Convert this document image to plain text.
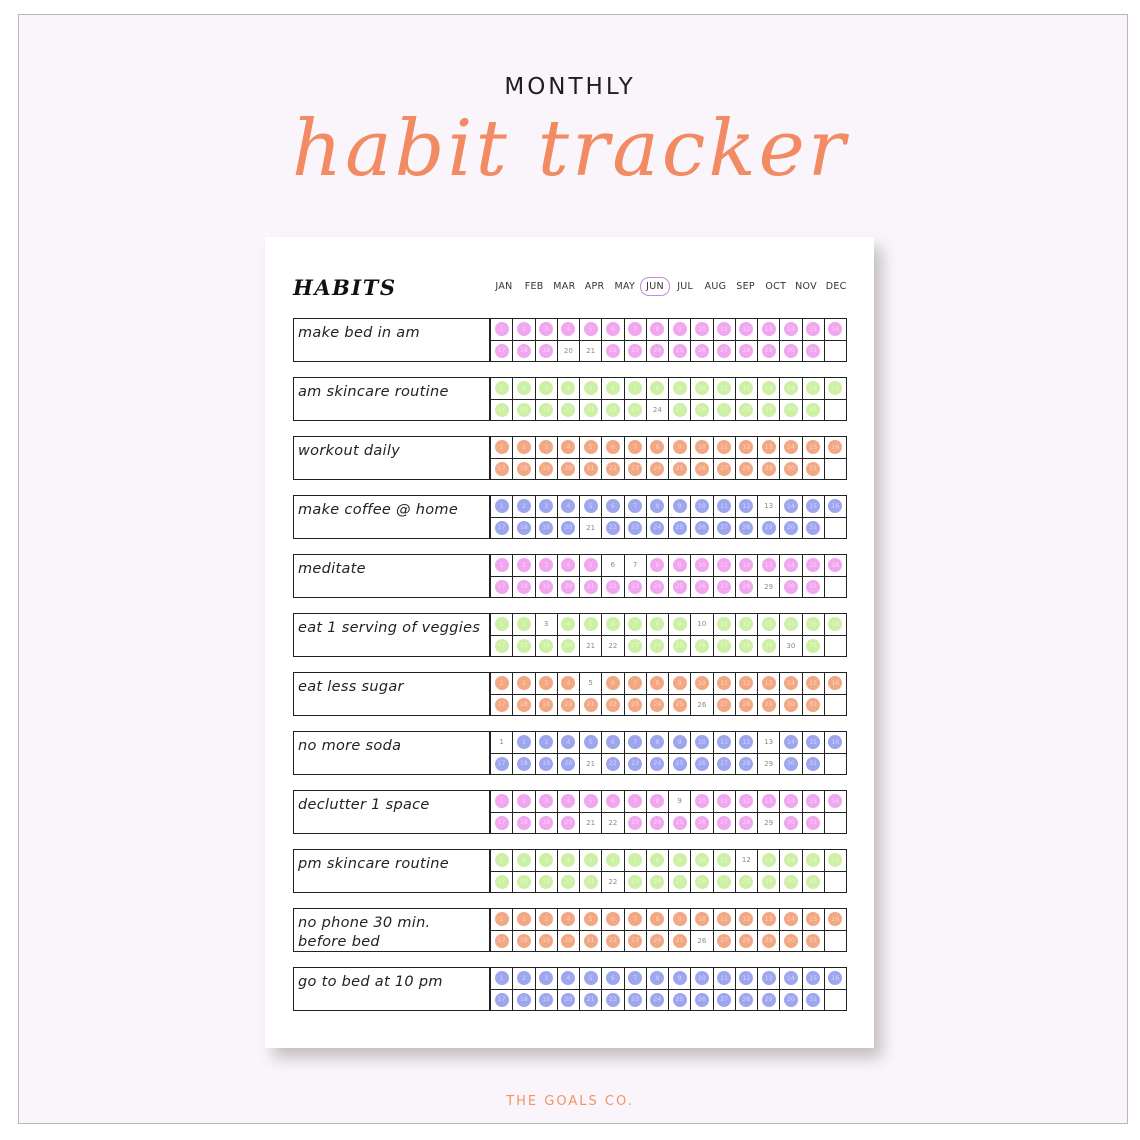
MONTHLY
habit tracker
HABITS	JAN	FEB	MAR APR	MAY	JUN	JUL	AUG	SEP	OCT NOV DEC
make bed in am	1	2	3	4	5	6	7	8	9	10	11	12	13	14	15	16
17	18	19	20 21	22	23	24	25	26	27	28	29	30	31
am skincare routine	1	2	3	4	5	6	7	8	9	10	11	12	13	14	15	16
17	18	19	20	21	22	23	24	25	26	27	28	29	30	31
workout daily	1	2	3	4	5	6	7	8	9	10	11	12	13	14	15	16
17	18	19	20	21	22	23	24	25	26	27	28	29	30	31
make coffee @ home	1	2	3	4	5	6	7	8	9	10	11	12	13	14	15	16
17	18	19	20	21	22	23	24	25	26	27	28	29	30	31
meditate	1	2	3	4	5	6	7	8	9	10	11	12	13	14	15	16
17	18	19	20	21	22	23	24	25	26	27	28	29	30	31
eat 1 serving of veggies	1	2	3	4	5	6	7	8	9	10	11	12	13	14	15	16
17	18	19	20	21 22	23	24	25	26	27	28	29	30	31
eat less sugar	1	2	3	4	5	6	7	8	9	10	11	12	13	14	15	16
17	18	19	20	21	22	23	24	25	26	27	28	29	30	31
no more soda	1	2	3	4	5	6	7	8	9	10	11	12	13	14	15	16
17	18	19	20	21	22	23	24	25	26	27	28	29	30	31
declutter 1 space	1	2	3	4	5	6	7	8	9	10	11	12	13	14	15	16
17	18	19	20	21 22	23	24	25	26	27	28	29	30	31
pm skincare routine	1	2	3	4	5	6	7	8	9	10	11	12	13	14	15	16
17	18	19	20	21	22	23	24	25	26	27	28	29	30	31
no phone 30 min.
before bed
1	2	3	4	5	6	7	8	9	10	11	12	13	14	15	16
17	18	19	20	21	22	23	24	25	26	27	28	29	30	31
go to bed at 10 pm	1	2	3	4	5	6	7	8	9	10	11	12	13	14	15	16
17	18	19	20	21	22	23	24	25	26	27	28	29	30	31
THE GOALS CO.
